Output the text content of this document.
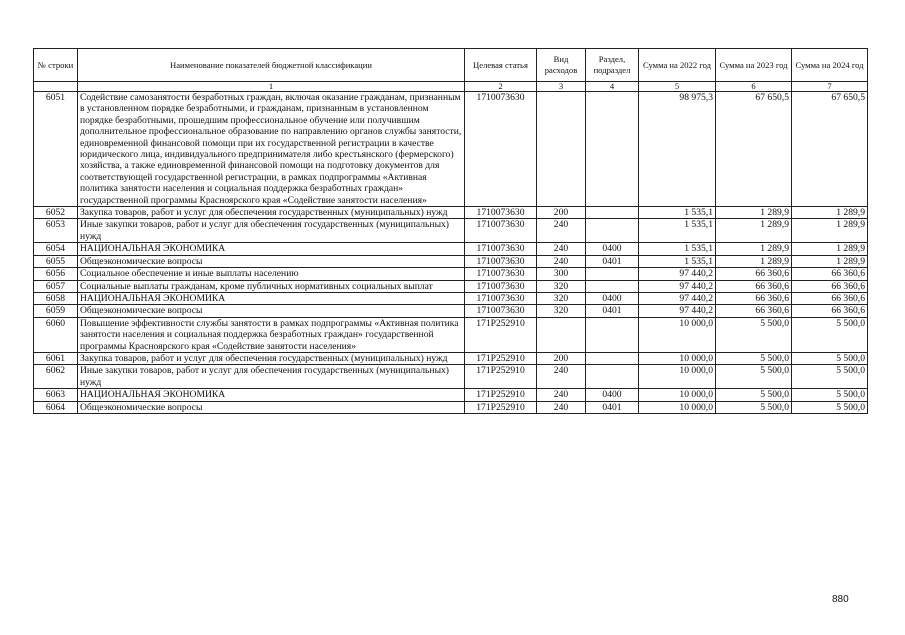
№ строки	Наименование показателей бюджетной классификации	Целевая статья	Вид расходов	Раздел, подраздел	Сумма на 2022 год	Сумма на 2023 год	Сумма на 2024 год
	1	2	3	4	5	6	7
6051	Содействие самозанятости безработных граждан, включая оказание гражданам, признанным в установленном порядке безработными, и гражданам, признанным в установленном порядке безработными, прошедшим профессиональное обучение или получившим дополнительное профессиональное образование по направлению органов службы занятости, единовременной финансовой помощи при их государственной регистрации в качестве юридического лица, индивидуального предпринимателя либо крестьянского (фермерского) хозяйства, а также единовременной финансовой помощи на подготовку документов для соответствующей государственной регистрации, в рамках подпрограммы «Активная политика занятости населения и социальная поддержка безработных граждан» государственной программы Красноярского края «Содействие занятости населения»	1710073630			98 975,3	67 650,5	67 650,5
6052	Закупка товаров, работ и услуг для обеспечения государственных (муниципальных) нужд	1710073630	200		1 535,1	1 289,9	1 289,9
6053	Иные закупки товаров, работ и услуг для обеспечения государственных (муниципальных) нужд	1710073630	240		1 535,1	1 289,9	1 289,9
6054	НАЦИОНАЛЬНАЯ ЭКОНОМИКА	1710073630	240	0400	1 535,1	1 289,9	1 289,9
6055	Общеэкономические вопросы	1710073630	240	0401	1 535,1	1 289,9	1 289,9
6056	Социальное обеспечение и иные выплаты населению	1710073630	300		97 440,2	66 360,6	66 360,6
6057	Социальные выплаты гражданам, кроме публичных нормативных социальных выплат	1710073630	320		97 440,2	66 360,6	66 360,6
6058	НАЦИОНАЛЬНАЯ ЭКОНОМИКА	1710073630	320	0400	97 440,2	66 360,6	66 360,6
6059	Общеэкономические вопросы	1710073630	320	0401	97 440,2	66 360,6	66 360,6
6060	Повышение эффективности службы занятости в рамках подпрограммы «Активная политика занятости населения и социальная поддержка безработных граждан» государственной программы Красноярского края «Содействие занятости населения»	171P252910			10 000,0	5 500,0	5 500,0
6061	Закупка товаров, работ и услуг для обеспечения государственных (муниципальных) нужд	171P252910	200		10 000,0	5 500,0	5 500,0
6062	Иные закупки товаров, работ и услуг для обеспечения государственных (муниципальных) нужд	171P252910	240		10 000,0	5 500,0	5 500,0
6063	НАЦИОНАЛЬНАЯ ЭКОНОМИКА	171P252910	240	0400	10 000,0	5 500,0	5 500,0
6064	Общеэкономические вопросы	171P252910	240	0401	10 000,0	5 500,0	5 500,0
880
